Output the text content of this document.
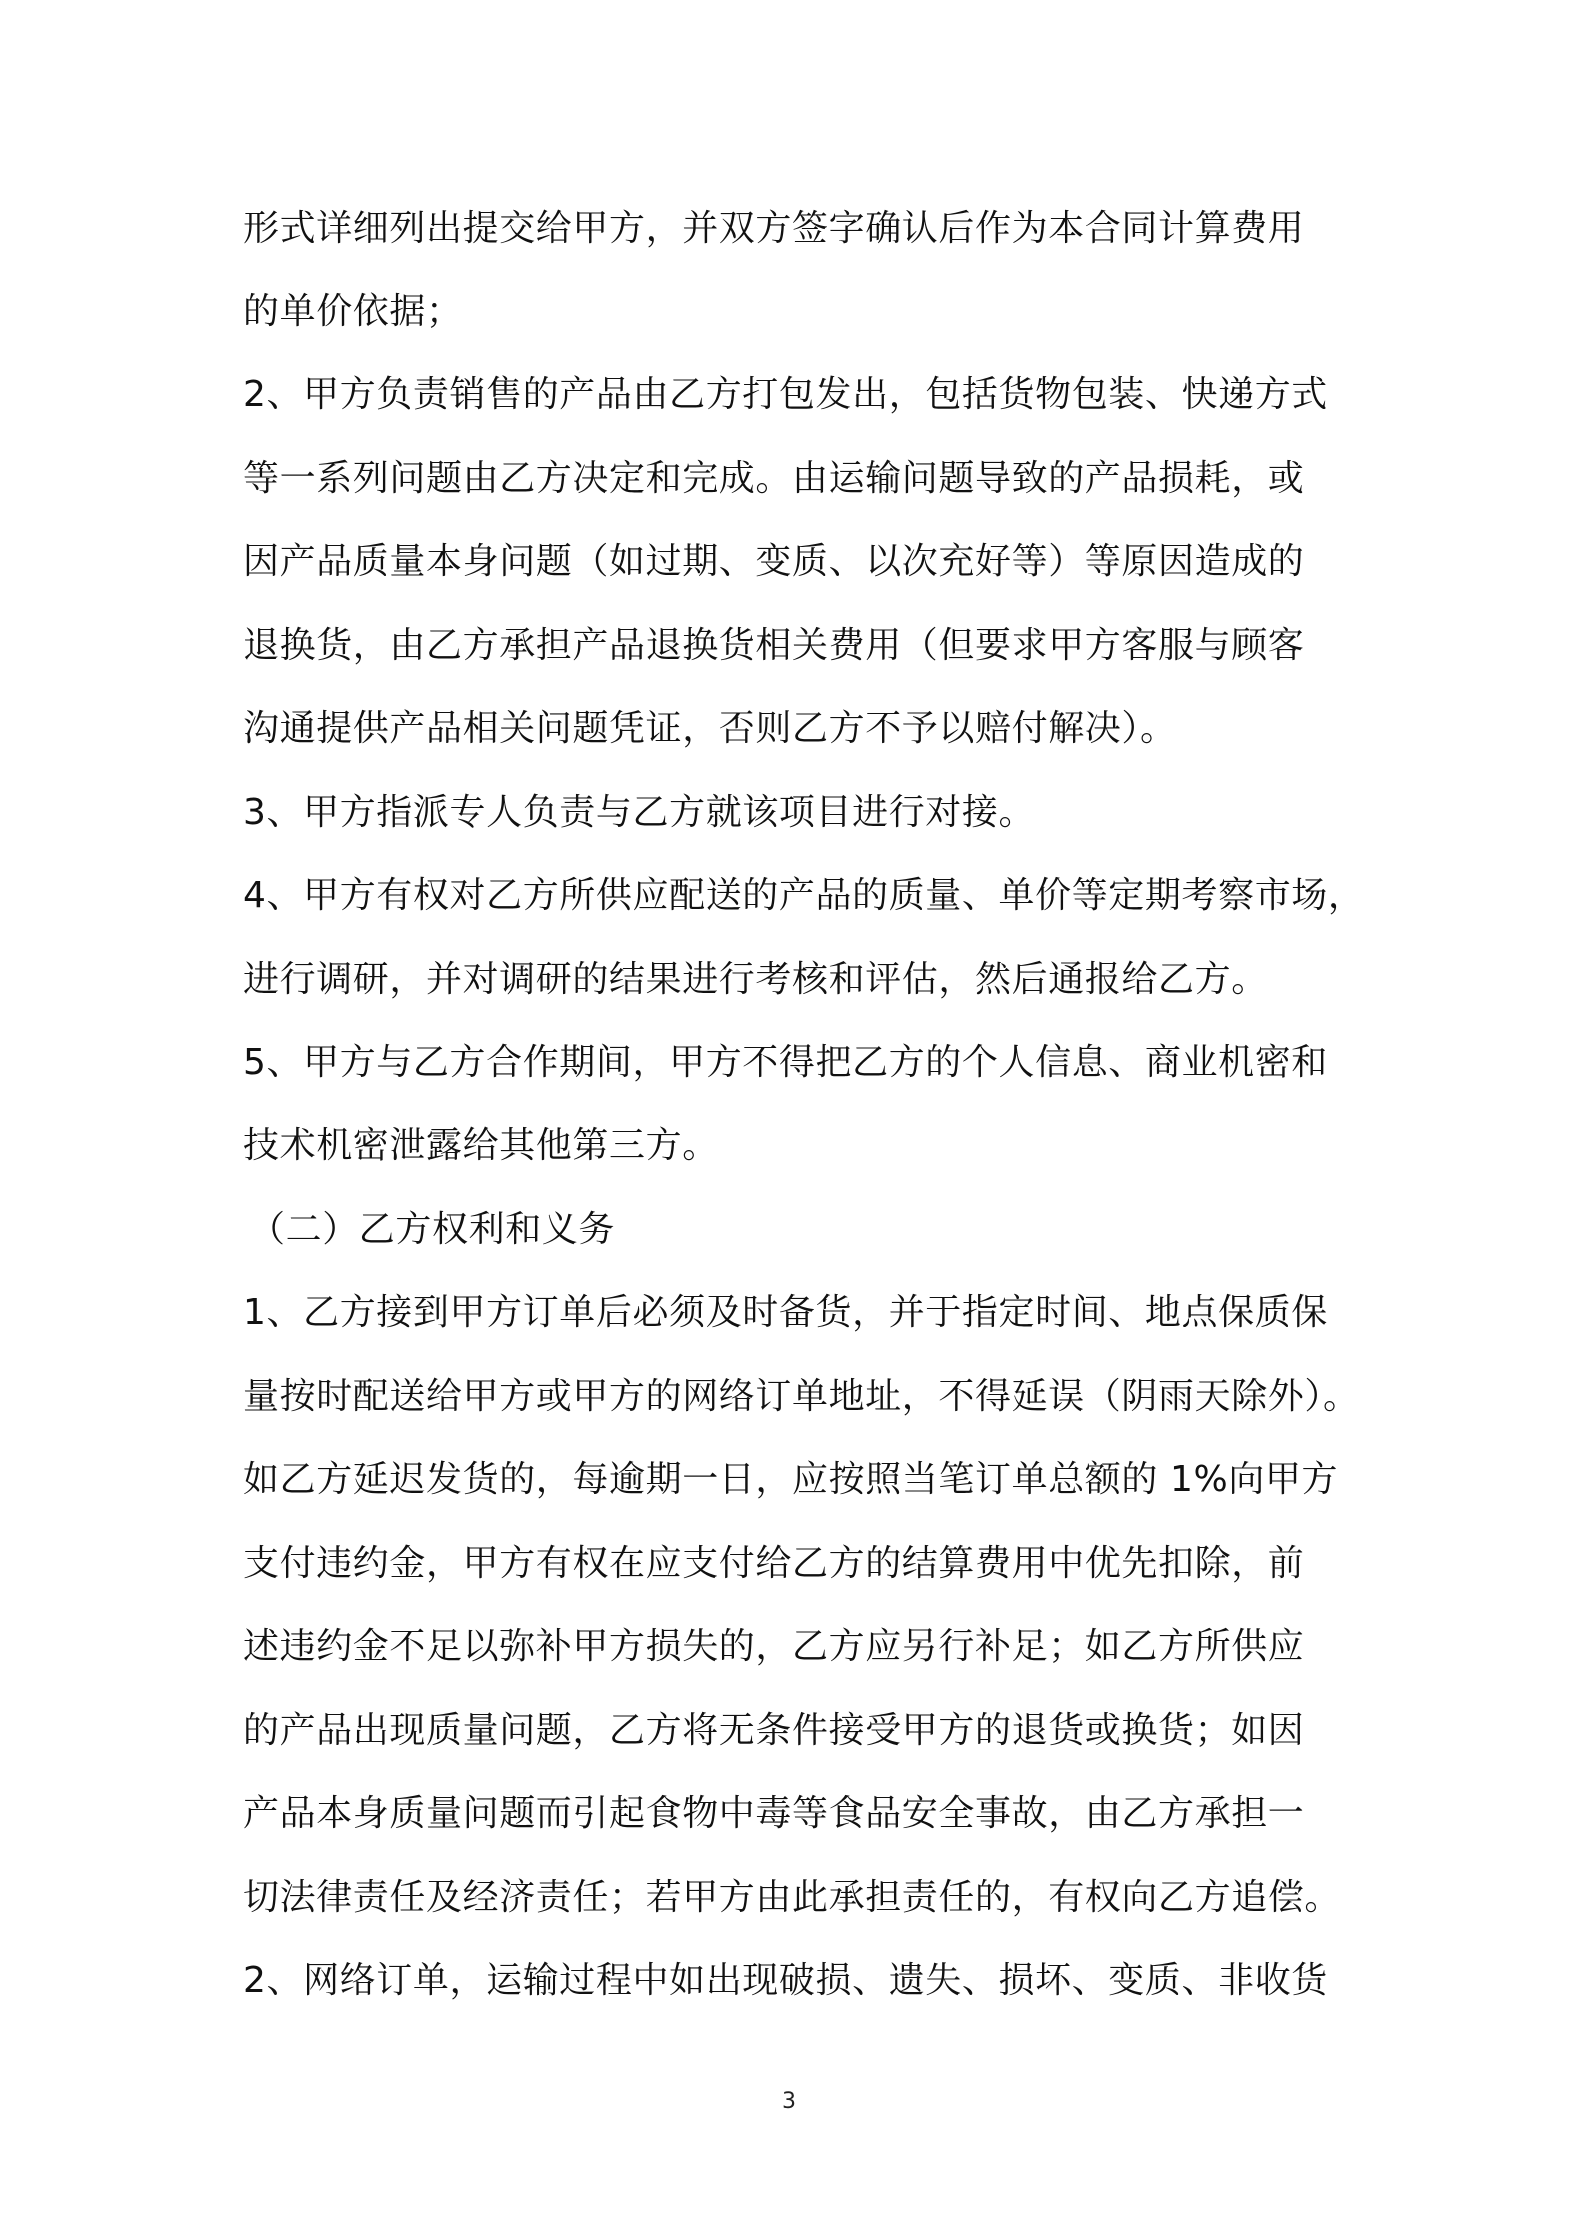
形式详细列出提交给甲方，并双方签字确认后作为本合同计算费用
的单价依据；
2、甲方负责销售的产品由乙方打包发出，包括货物包装、快递方式
等一系列问题由乙方决定和完成。由运输问题导致的产品损耗，或
因产品质量本身问题（如过期、变质、以次充好等）等原因造成的
退换货，由乙方承担产品退换货相关费用（但要求甲方客服与顾客
沟通提供产品相关问题凭证，否则乙方不予以赔付解决）。
3、甲方指派专人负责与乙方就该项目进行对接。
4、甲方有权对乙方所供应配送的产品的质量、单价等定期考察市场，
进行调研，并对调研的结果进行考核和评估，然后通报给乙方。
5、甲方与乙方合作期间，甲方不得把乙方的个人信息、商业机密和
技术机密泄露给其他第三方。
（二）乙方权利和义务
1、乙方接到甲方订单后必须及时备货，并于指定时间、地点保质保
量按时配送给甲方或甲方的网络订单地址，不得延误（阴雨天除外）。
如乙方延迟发货的，每逾期一日，应按照当笔订单总额的 1%向甲方
支付违约金，甲方有权在应支付给乙方的结算费用中优先扣除，前
述违约金不足以弥补甲方损失的，乙方应另行补足；如乙方所供应
的产品出现质量问题，乙方将无条件接受甲方的退货或换货；如因
产品本身质量问题而引起食物中毒等食品安全事故，由乙方承担一
切法律责任及经济责任；若甲方由此承担责任的，有权向乙方追偿。
2、网络订单，运输过程中如出现破损、遗失、损坏、变质、非收货
3
